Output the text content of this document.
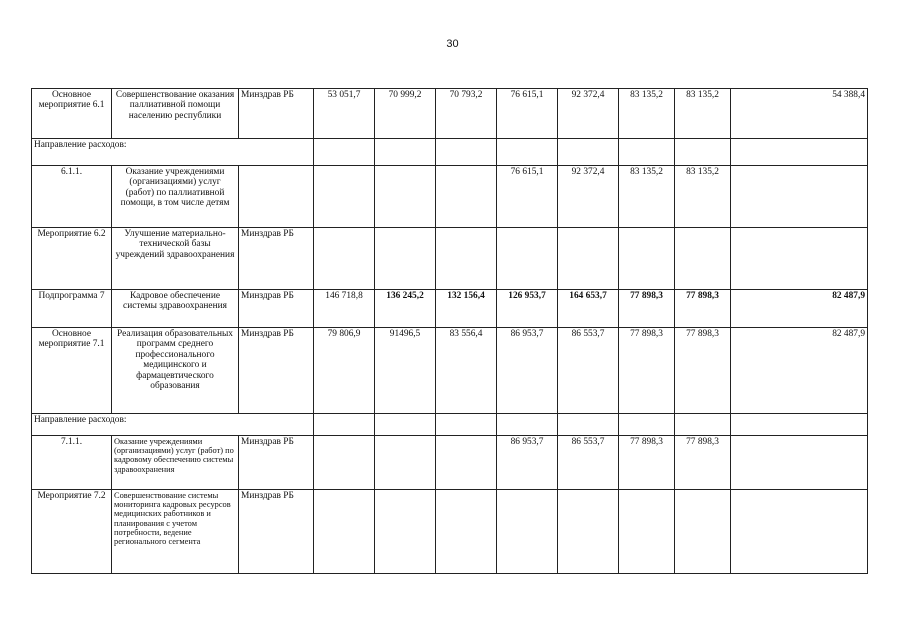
30
Основное мероприятие 6.1	Совершенствование оказания паллиативной помощи населению республики	Минздрав РБ	53 051,7	70 999,2	70 793,2	76 615,1	92 372,4	83 135,2	83 135,2	54 388,4
Направление расходов:										
6.1.1.	Оказание учреждениями (организациями) услуг (работ) по паллиативной помощи, в том числе детям					76 615,1	92 372,4	83 135,2	83 135,2	
Мероприятие 6.2	Улучшение материально-технической базы учреждений здравоохранения	Минздрав РБ								
Подпрограмма 7	Кадровое обеспечение системы здравоохранения	Минздрав РБ	146 718,8	136 245,2	132 156,4	126 953,7	164 653,7	77 898,3	77 898,3	82 487,9
Основное мероприятие 7.1	Реализация образовательных программ среднего профессионального медицинского и фармацевтического образования	Минздрав РБ	79 806,9	91496,5	83 556,4	86 953,7	86 553,7	77 898,3	77 898,3	82 487,9
Направление расходов:										
7.1.1.	Оказание учреждениями (организациями) услуг (работ) по кадровому обеспечению системы здравоохранения	Минздрав РБ				86 953,7	86 553,7	77 898,3	77 898,3	
Мероприятие 7.2	Совершенствование системы мониторинга кадровых ресурсов медицинских работников и планирования с учетом потребности, ведение регионального сегмента	Минздрав РБ								
